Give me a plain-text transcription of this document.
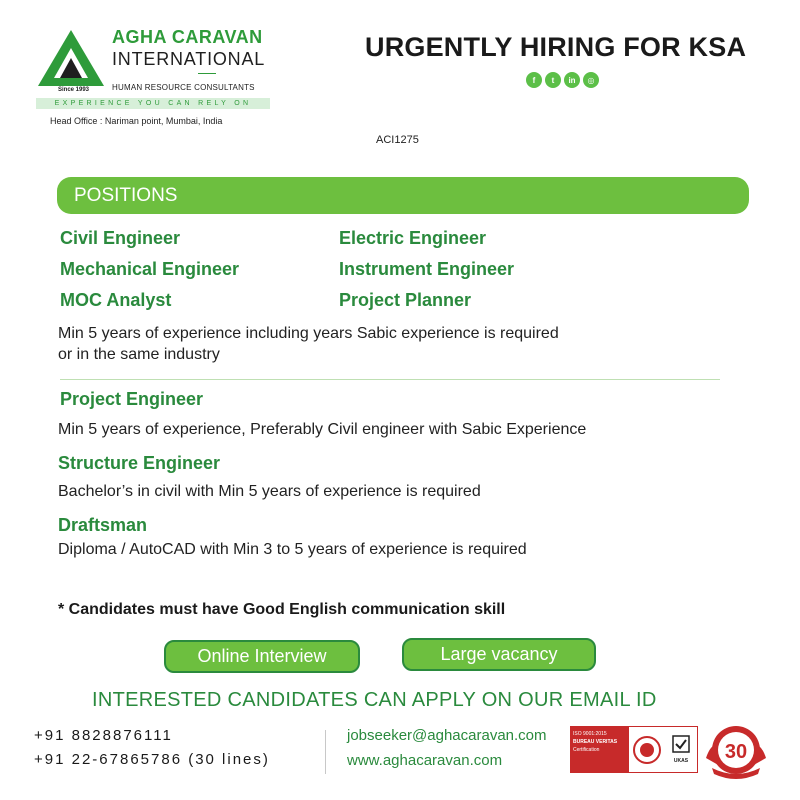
AGHA CARAVAN
INTERNATIONAL
Since 1993	HUMAN RESOURCE CONSULTANTS
EXPERIENCE YOU CAN RELY ON
Head Office : Nariman point, Mumbai, India
URGENTLY HIRING FOR KSA
f	t	in	◎
ACI1275
POSITIONS
Civil Engineer	Electric Engineer
Mechanical Engineer	Instrument Engineer
MOC Analyst	Project Planner
Min 5 years of experience including years Sabic experience is required
or in the same industry
Project Engineer
Min 5 years of experience, Preferably Civil engineer with Sabic Experience
Structure Engineer
Bachelor’s in civil with Min 5 years of experience is required
Draftsman
Diploma / AutoCAD with Min 3 to 5 years of experience is required
* Candidates must have Good English communication skill
Online Interview	Large vacancy
INTERESTED CANDIDATES CAN APPLY ON OUR EMAIL ID
+91 8828876111
+91 22-67865786 (30 lines)
jobseeker@aghacaravan.com
www.aghacaravan.com
ISO 9001:2015
BUREAU VERITAS
Certification
UKAS 30
